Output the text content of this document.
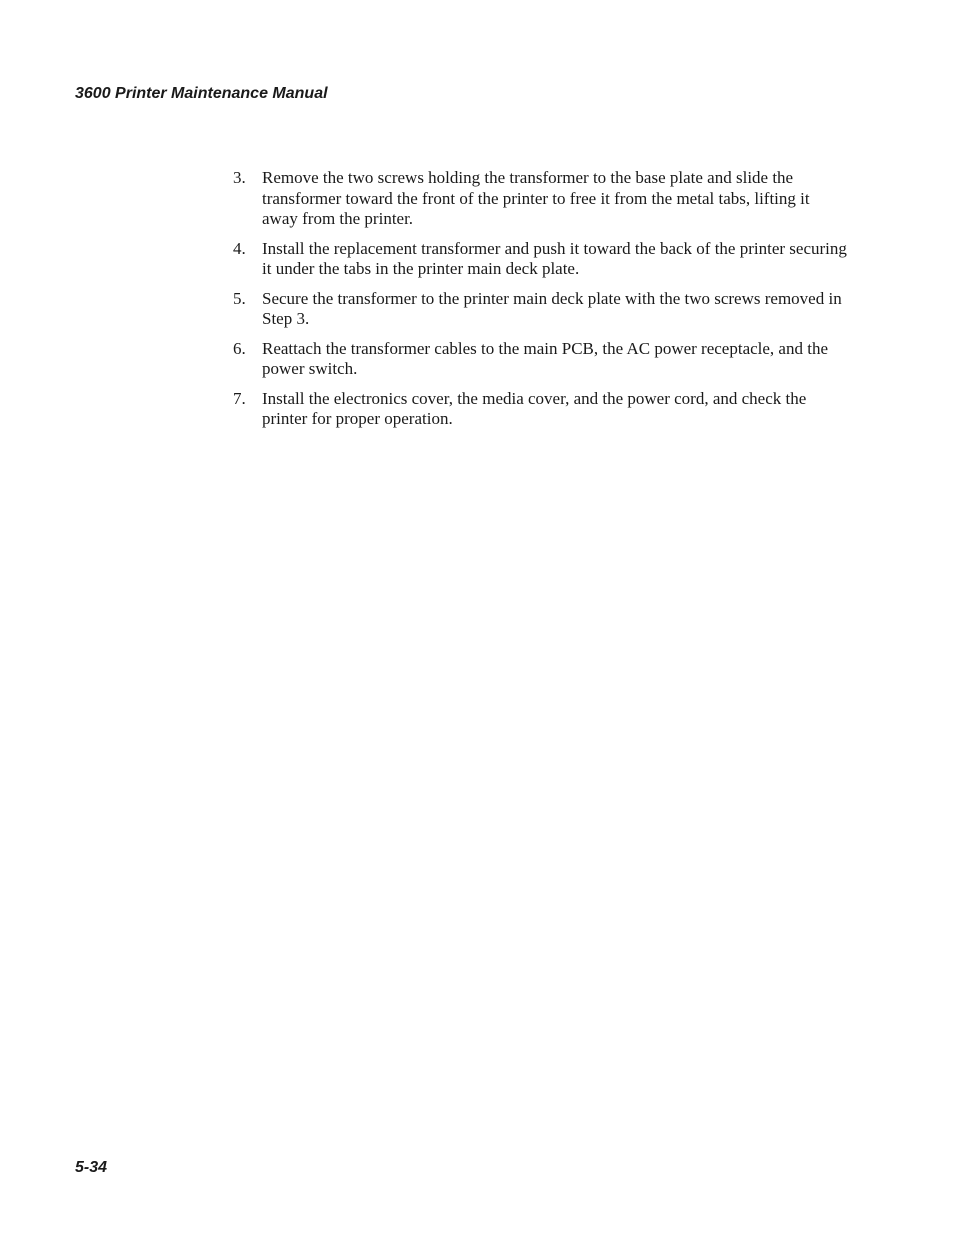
3600 Printer Maintenance Manual
3. Remove the two screws holding the transformer to the base plate and slide the transformer toward the front of the printer to free it from the metal tabs, lifting it away from the printer.
4. Install the replacement transformer and push it toward the back of the printer securing it under the tabs in the printer main deck plate.
5. Secure the transformer to the printer main deck plate with the two screws removed in Step 3.
6. Reattach the transformer cables to the main PCB, the AC power receptacle, and the power switch.
7. Install the electronics cover, the media cover, and the power cord, and check the printer for proper operation.
5-34
